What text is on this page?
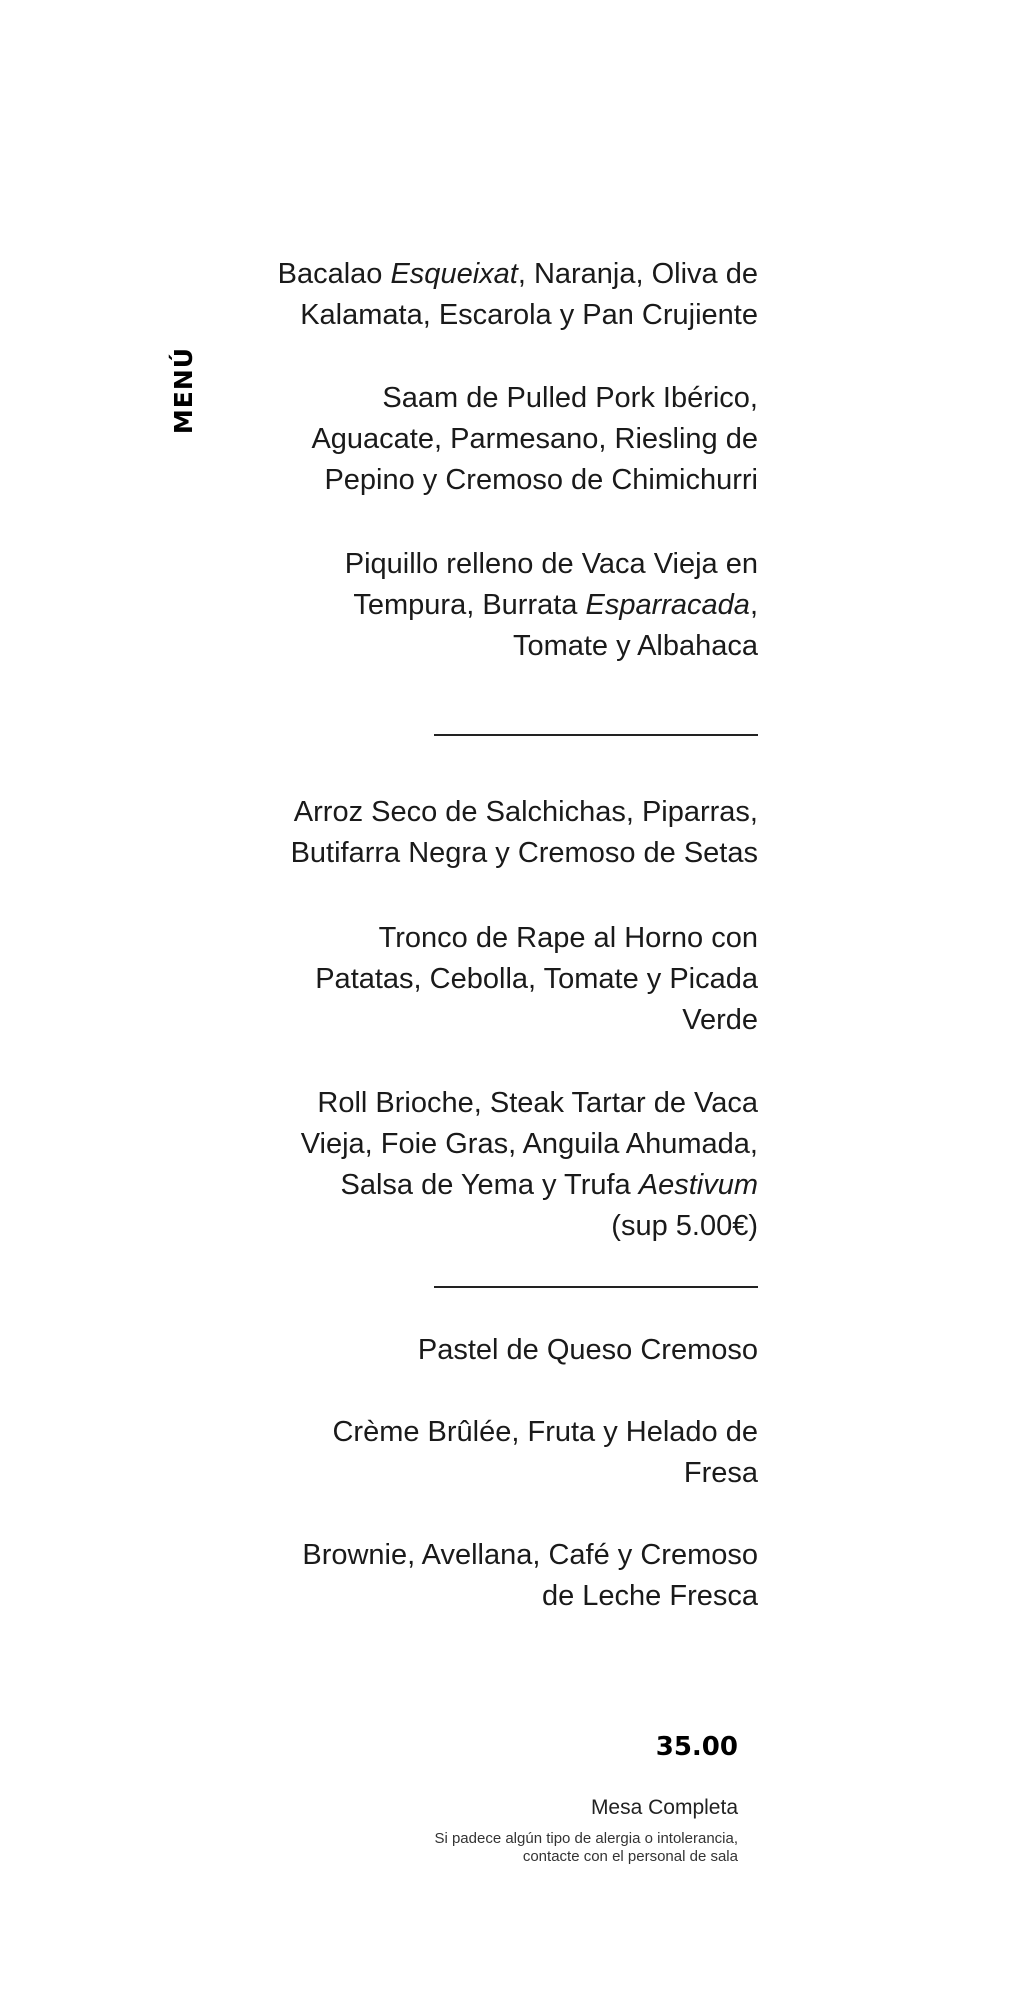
MENÚ
Bacalao Esqueixat, Naranja, Oliva de
Kalamata, Escarola y Pan Crujiente
Saam de Pulled Pork Ibérico,
Aguacate, Parmesano, Riesling de
Pepino y Cremoso de Chimichurri
Piquillo relleno de Vaca Vieja en
Tempura, Burrata Esparracada,
Tomate y Albahaca
Arroz Seco de Salchichas, Piparras,
Butifarra Negra y Cremoso de Setas
Tronco de Rape al Horno con
Patatas, Cebolla, Tomate y Picada
Verde
Roll Brioche, Steak Tartar de Vaca
Vieja, Foie Gras, Anguila Ahumada,
Salsa de Yema y Trufa Aestivum
(sup 5.00€)
Pastel de Queso Cremoso
Crème Brûlée, Fruta y Helado de
Fresa
Brownie, Avellana, Café y Cremoso
de Leche Fresca
35.00
Mesa Completa
Si padece algún tipo de alergia o intolerancia,
contacte con el personal de sala
